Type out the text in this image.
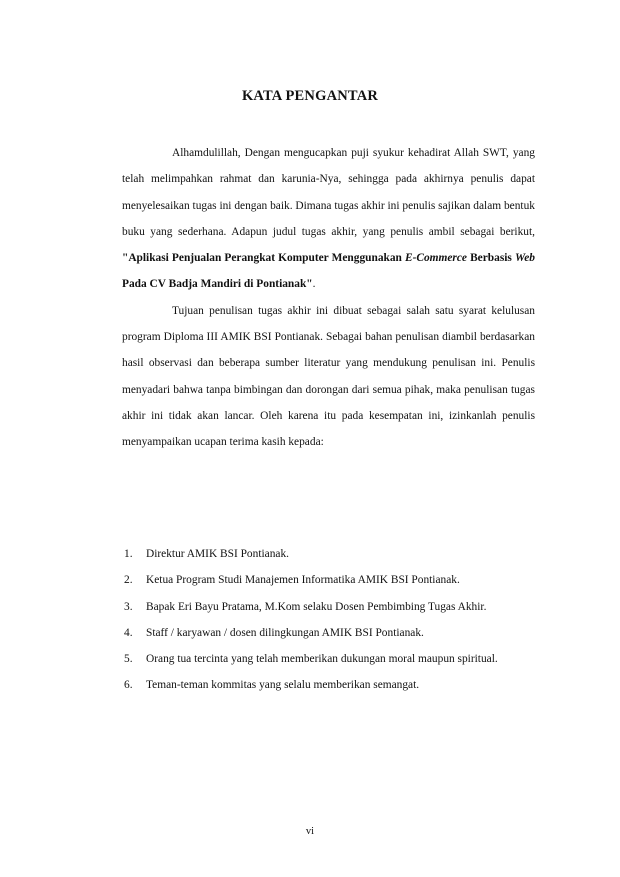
KATA PENGANTAR

Alhamdulillah, Dengan mengucapkan puji syukur kehadirat Allah SWT, yang telah melimpahkan rahmat dan karunia-Nya, sehingga pada akhirnya penulis dapat menyelesaikan tugas ini dengan baik. Dimana tugas akhir ini penulis sajikan dalam bentuk buku yang sederhana. Adapun judul tugas akhir, yang penulis ambil sebagai berikut, "Aplikasi Penjualan Perangkat Komputer Menggunakan E-Commerce Berbasis Web Pada CV Badja Mandiri di Pontianak".

Tujuan penulisan tugas akhir ini dibuat sebagai salah satu syarat kelulusan program Diploma III AMIK BSI Pontianak. Sebagai bahan penulisan diambil berdasarkan hasil observasi dan beberapa sumber literatur yang mendukung penulisan ini. Penulis menyadari bahwa tanpa bimbingan dan dorongan dari semua pihak, maka penulisan tugas akhir ini tidak akan lancar. Oleh karena itu pada kesempatan ini, izinkanlah penulis menyampaikan ucapan terima kasih kepada:

1. Direktur AMIK BSI Pontianak.
2. Ketua Program Studi Manajemen Informatika AMIK BSI Pontianak.
3. Bapak Eri Bayu Pratama, M.Kom selaku Dosen Pembimbing Tugas Akhir.
4. Staff / karyawan / dosen dilingkungan AMIK BSI Pontianak.
5. Orang tua tercinta yang telah memberikan dukungan moral maupun spiritual.
6. Teman-teman kommitas yang selalu memberikan semangat.
vi
